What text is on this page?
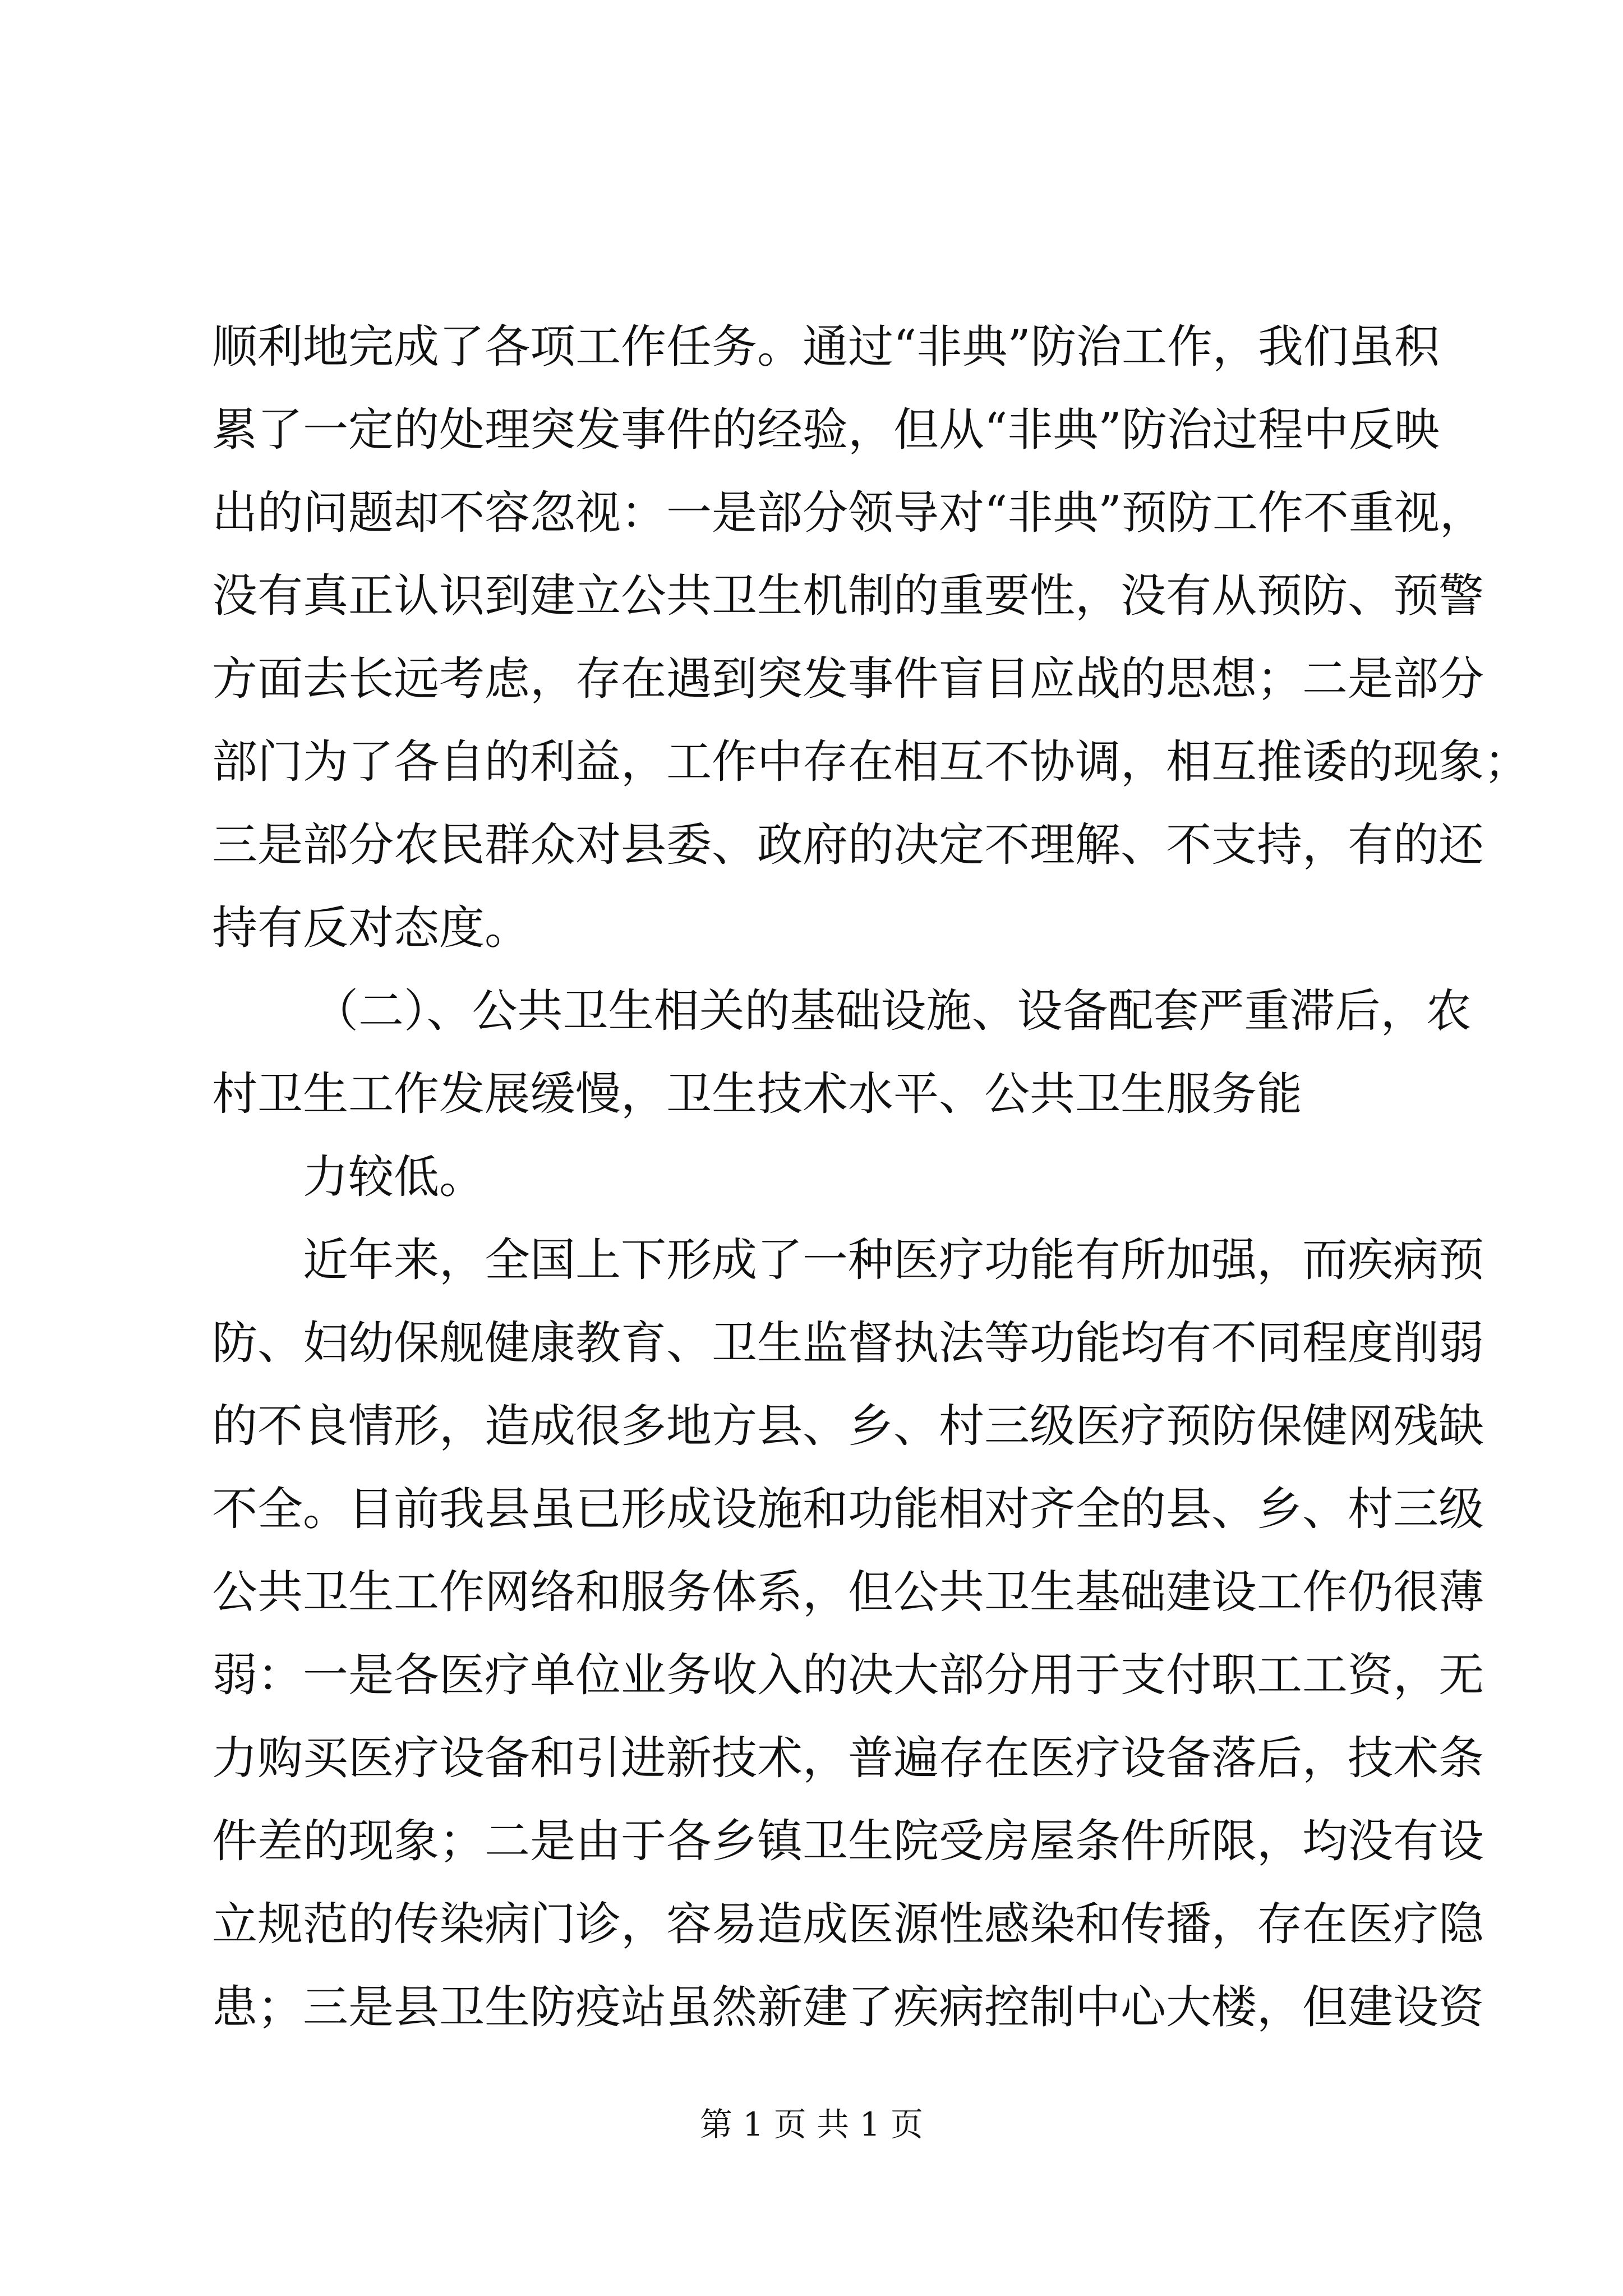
顺利地完成了各项工作任务。通过“非典”防治工作，我们虽积
累了一定的处理突发事件的经验，但从“非典”防治过程中反映
出的问题却不容忽视：一是部分领导对“非典”预防工作不重视，
没有真正认识到建立公共卫生机制的重要性，没有从预防、预警
方面去长远考虑，存在遇到突发事件盲目应战的思想；二是部分
部门为了各自的利益，工作中存在相互不协调，相互推诿的现象；
三是部分农民群众对县委、政府的决定不理解、不支持，有的还
持有反对态度。
（二）、公共卫生相关的基础设施、设备配套严重滞后，农
村卫生工作发展缓慢，卫生技术水平、公共卫生服务能
力较低。
近年来，全国上下形成了一种医疗功能有所加强，而疾病预
防、妇幼保舰健康教育、卫生监督执法等功能均有不同程度削弱
的不良情形，造成很多地方县、乡、村三级医疗预防保健网残缺
不全。目前我县虽已形成设施和功能相对齐全的县、乡、村三级
公共卫生工作网络和服务体系，但公共卫生基础建设工作仍很薄
弱：一是各医疗单位业务收入的决大部分用于支付职工工资，无
力购买医疗设备和引进新技术，普遍存在医疗设备落后，技术条
件差的现象；二是由于各乡镇卫生院受房屋条件所限，均没有设
立规范的传染病门诊，容易造成医源性感染和传播，存在医疗隐
患；三是县卫生防疫站虽然新建了疾病控制中心大楼，但建设资
第 1 页 共 1 页
